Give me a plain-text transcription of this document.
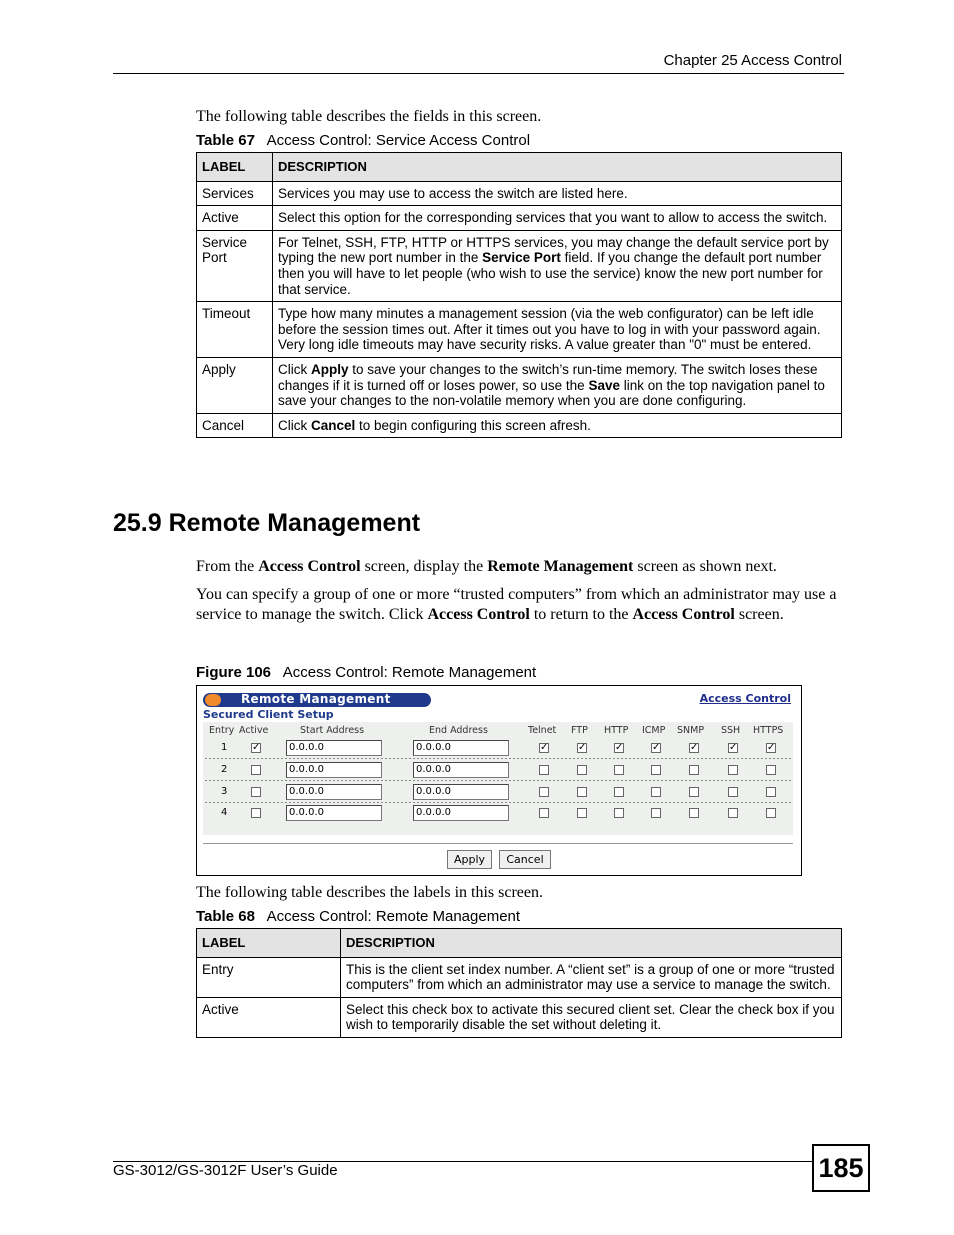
Chapter 25 Access Control
The following table describes the fields in this screen.
Table 67 Access Control: Service Access Control
LABEL	DESCRIPTION
Services	Services you may use to access the switch are listed here.
Active	Select this option for the corresponding services that you want to allow to access the switch.
Service Port	For Telnet, SSH, FTP, HTTP or HTTPS services, you may change the default service port by typing the new port number in the Service Port field. If you change the default port number then you will have to let people (who wish to use the service) know the new port number for that service.
Timeout	Type how many minutes a management session (via the web configurator) can be left idle before the session times out. After it times out you have to log in with your password again. Very long idle timeouts may have security risks. A value greater than "0" must be entered.
Apply	Click Apply to save your changes to the switch’s run-time memory. The switch loses these changes if it is turned off or loses power, so use the Save link on the top navigation panel to save your changes to the non-volatile memory when you are done configuring.
Cancel	Click Cancel to begin configuring this screen afresh.
25.9 Remote Management
From the Access Control screen, display the Remote Management screen as shown next.
You can specify a group of one or more “trusted computers” from which an administrator may use a service to manage the switch. Click Access Control to return to the Access Control screen.
Figure 106 Access Control: Remote Management
Remote Management	Access Control
Secured Client Setup
Entry Active	Start Address	End Address	Telnet FTP HTTP ICMP SNMP SSH HTTPS
1 ✓	0.0.0.0	0.0.0.0	✓	✓	✓	✓	✓	✓	✓
2	0.0.0.0	0.0.0.0
3	0.0.0.0	0.0.0.0
4	0.0.0.0	0.0.0.0
Apply	Cancel
The following table describes the labels in this screen.
Table 68 Access Control: Remote Management
LABEL	DESCRIPTION
Entry	This is the client set index number. A “client set” is a group of one or more “trusted computers” from which an administrator may use a service to manage the switch.
Active	Select this check box to activate this secured client set. Clear the check box if you wish to temporarily disable the set without deleting it.
GS-3012/GS-3012F User’s Guide	185
